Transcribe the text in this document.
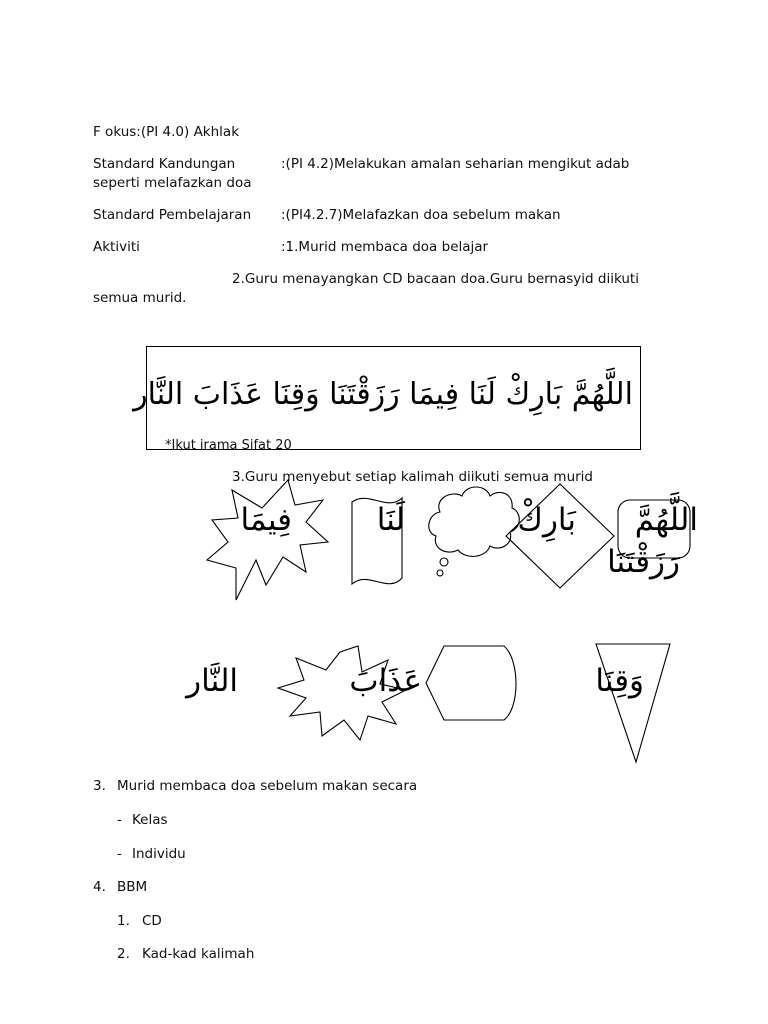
F okus:(PI 4.0) Akhlak
Standard Kandungan	:(PI 4.2)Melakukan amalan seharian mengikut adab
seperti melafazkan doa
Standard Pembelajaran :(PI4.2.7)Melafazkan doa sebelum makan
Aktiviti	:1.Murid membaca doa belajar
2.Guru menayangkan CD bacaan doa.Guru bernasyid diikuti
semua murid.
اللَّهُمَّ بَارِكْ لَنَا فِيمَا رَزَقْتَنَا وَقِنَا عَذَابَ النَّار
*Ikut irama Sifat 20
3.Guru menyebut setiap kalimah diikuti semua murid
اللَّهُمَّ
بَارِكْ
لَنَا
فِيمَا
رَزَقْتَنَا
وَقِنَا
عَذَابَ
النَّار
3. Murid membaca doa sebelum makan secara
- Kelas
- Individu
4. BBM
1. CD
2. Kad-kad kalimah
